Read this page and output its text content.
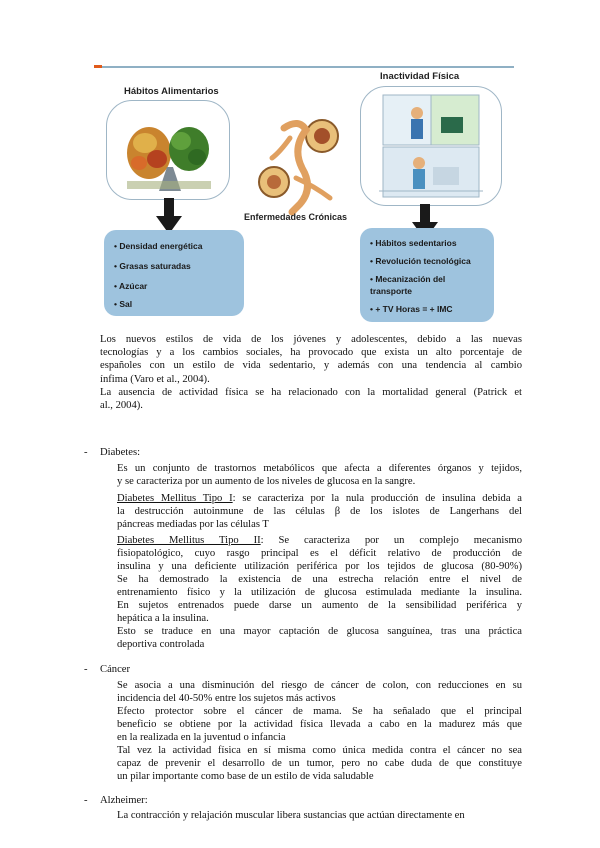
Hábitos Alimentarios
Inactividad Física
Enfermedades Crónicas
• Densidad energética
• Grasas saturadas
• Azúcar
• Sal
• Hábitos sedentarios
• Revolución tecnológica
• Mecanización del
transporte
• + TV Horas = + IMC
Los nuevos estilos de vida de los jóvenes y adolescentes, debido a las nuevas
tecnologías y a los cambios sociales, ha provocado que exista un alto porcentaje de
españoles con un estilo de vida sedentario, y además con una tendencia al cambio
ínfima (Varo et al., 2004).
La ausencia de actividad física se ha relacionado con la mortalidad general (Patrick et
al., 2004).
- Diabetes:
Es un conjunto de trastornos metabólicos que afecta a diferentes órganos y tejidos,
y se caracteriza por un aumento de los niveles de glucosa en la sangre.
Diabetes Mellitus Tipo I: se caracteriza por la nula producción de insulina debida a
la destrucción autoinmune de las células β de los islotes de Langerhans del
páncreas mediadas por las células T
Diabetes Mellitus Tipo II: Se caracteriza por un complejo mecanismo
fisiopatológico, cuyo rasgo principal es el déficit relativo de producción de
insulina y una deficiente utilización periférica por los tejidos de glucosa (80-90%)
Se ha demostrado la existencia de una estrecha relación entre el nivel de
entrenamiento físico y la utilización de glucosa estimulada mediante la insulina.
En sujetos entrenados puede darse un aumento de la sensibilidad periférica y
hepática a la insulina.
Esto se traduce en una mayor captación de glucosa sanguínea, tras una práctica
deportiva controlada
- Cáncer
Se asocia a una disminución del riesgo de cáncer de colon, con reducciones en su
incidencia del 40-50% entre los sujetos más activos
Efecto protector sobre el cáncer de mama. Se ha señalado que el principal
beneficio se obtiene por la actividad física llevada a cabo en la madurez más que
en la realizada en la juventud o infancia
Tal vez la actividad física en sí misma como única medida contra el cáncer no sea
capaz de prevenir el desarrollo de un tumor, pero no cabe duda de que constituye
un pilar importante como base de un estilo de vida saludable
- Alzheimer:
La contracción y relajación muscular libera sustancias que actúan directamente en
